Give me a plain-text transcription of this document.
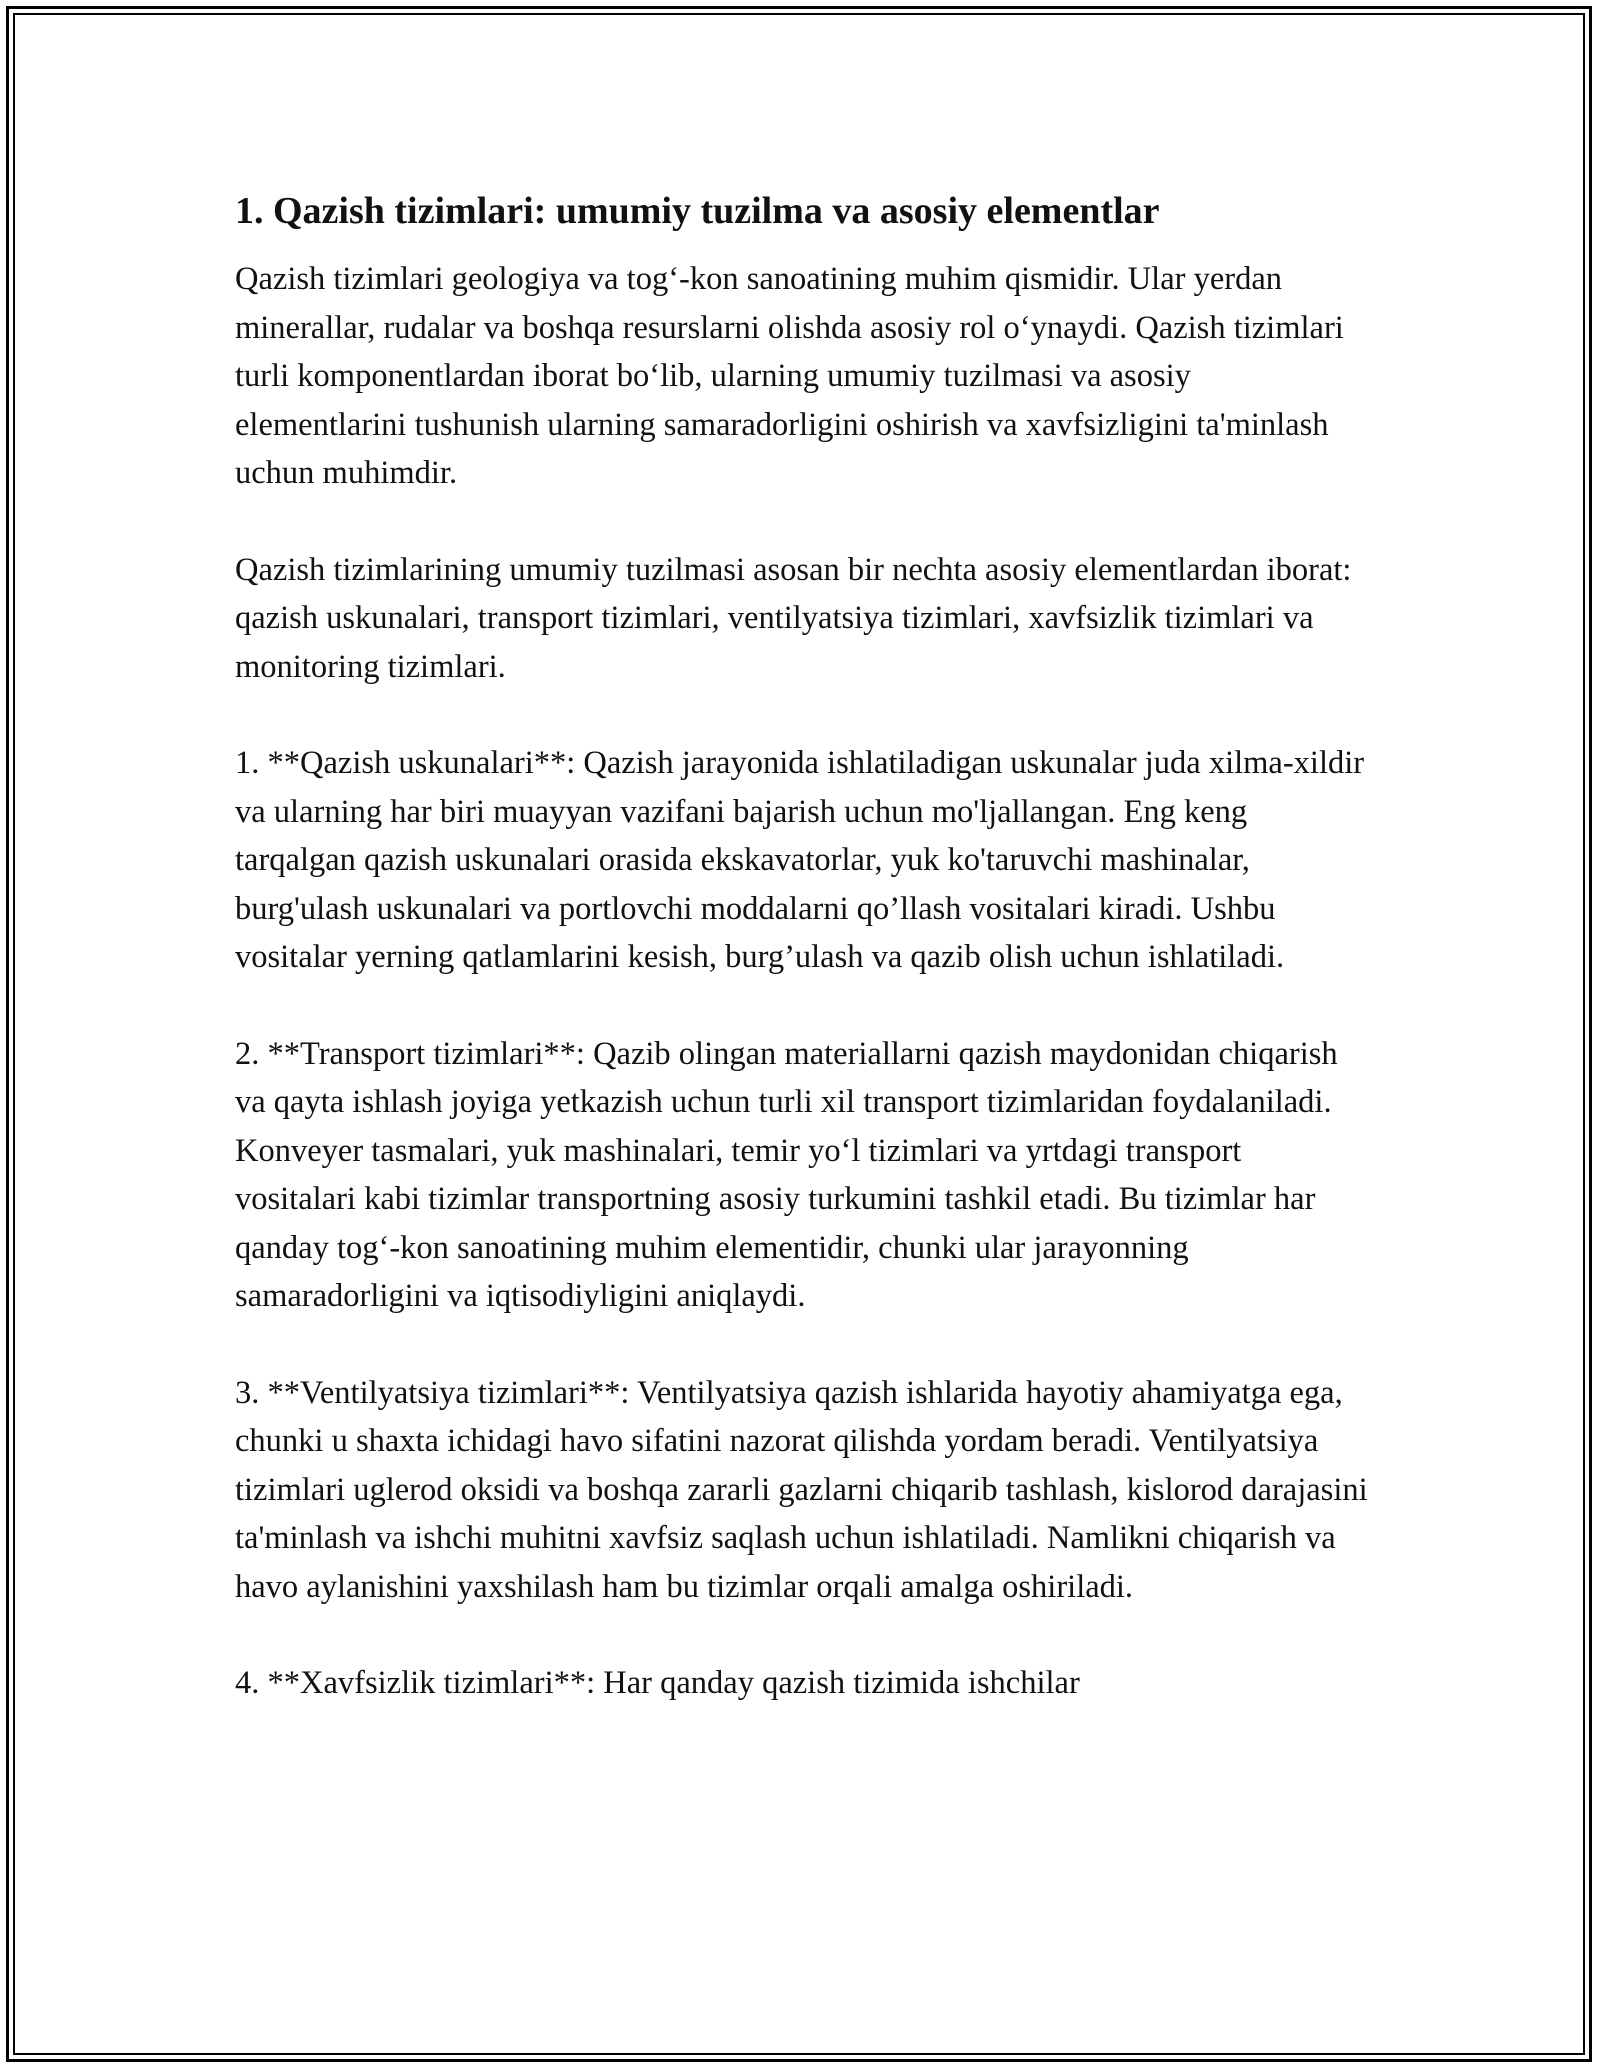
1. Qazish tizimlari: umumiy tuzilma va asosiy elementlar

Qazish tizimlari geologiya va tog‘-kon sanoatining muhim qismidir. Ular yerdan minerallar, rudalar va boshqa resurslarni olishda asosiy rol o‘ynaydi. Qazish tizimlari turli komponentlardan iborat bo‘lib, ularning umumiy tuzilmasi va asosiy elementlarini tushunish ularning samaradorligini oshirish va xavfsizligini ta'minlash uchun muhimdir.

Qazish tizimlarining umumiy tuzilmasi asosan bir nechta asosiy elementlardan iborat: qazish uskunalari, transport tizimlari, ventilyatsiya tizimlari, xavfsizlik tizimlari va monitoring tizimlari.

1. **Qazish uskunalari**: Qazish jarayonida ishlatiladigan uskunalar juda xilma-xildir va ularning har biri muayyan vazifani bajarish uchun mo'ljallangan. Eng keng tarqalgan qazish uskunalari orasida ekskavatorlar, yuk ko'taruvchi mashinalar, burg'ulash uskunalari va portlovchi moddalarni qo’llash vositalari kiradi. Ushbu vositalar yerning qatlamlarini kesish, burg’ulash va qazib olish uchun ishlatiladi.

2. **Transport tizimlari**: Qazib olingan materiallarni qazish maydonidan chiqarish va qayta ishlash joyiga yetkazish uchun turli xil transport tizimlaridan foydalaniladi. Konveyer tasmalari, yuk mashinalari, temir yo‘l tizimlari va yrtdagi transport vositalari kabi tizimlar transportning asosiy turkumini tashkil etadi. Bu tizimlar har qanday tog‘-kon sanoatining muhim elementidir, chunki ular jarayonning samaradorligini va iqtisodiyligini aniqlaydi.

3. **Ventilyatsiya tizimlari**: Ventilyatsiya qazish ishlarida hayotiy ahamiyatga ega, chunki u shaxta ichidagi havo sifatini nazorat qilishda yordam beradi. Ventilyatsiya tizimlari uglerod oksidi va boshqa zararli gazlarni chiqarib tashlash, kislorod darajasini ta'minlash va ishchi muhitni xavfsiz saqlash uchun ishlatiladi. Namlikni chiqarish va havo aylanishini yaxshilash ham bu tizimlar orqali amalga oshiriladi.

4. **Xavfsizlik tizimlari**: Har qanday qazish tizimida ishchilar
